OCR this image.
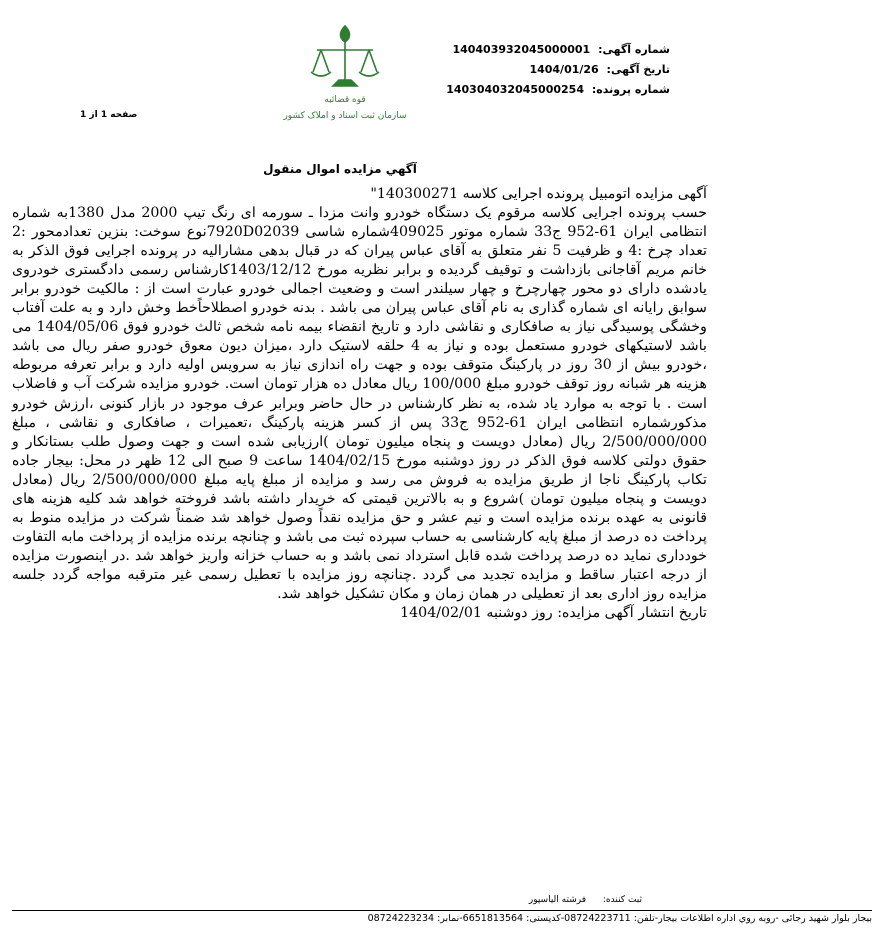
شماره آگهی: 140403932045000001
تاریخ آگهی: 1404/01/26
شماره پرونده: 140304032045000254
قوه قضائیه
سازمان ثبت اسناد و املاک کشور
صفحه 1 از 1
آگهي مزايده اموال منقول

آگهی مزایده اتومبیل پرونده اجرایی کلاسه 140300271"

حسب پرونده اجرایی کلاسه مرقوم یک دستگاه خودرو وانت مزدا ـ سورمه ای رنگ تیپ 2000 مدل 1380به شماره انتظامی ایران 61-952 ج33 شماره موتور 409025شماره شاسی 7920D02039نوع سوخت: بنزین تعدادمحور :2 تعداد چرخ :4 و ظرفیت 5 نفر متعلق به آقای عباس پیران که در قبال بدهی مشارالیه در پرونده اجرایی فوق الذکر به خانم مریم آقاجانی بازداشت و توقیف گردیده و برابر نظریه مورخ 1403/12/12کارشناس رسمی دادگستری خودروی یادشده دارای دو محور چهارچرخ و چهار سیلندر است و وضعیت اجمالی خودرو عبارت است از : مالکیت خودرو برابر سوابق رایانه ای شماره گذاری به نام آقای عباس پیران می باشد . بدنه خودرو اصطلاحاًخط وخش دارد و به علت آفتاب وخشگی پوسیدگی نیاز به صافکاری و نقاشی دارد و تاریخ انقضاء بیمه نامه شخص ثالث خودرو فوق 1404/05/06 می باشد لاستیکهای خودرو مستعمل بوده و نیاز به 4 حلقه لاستیک دارد ،میزان دیون معوق خودرو صفر ریال می باشد ،خودرو بیش از 30 روز در پارکینگ متوقف بوده و جهت راه اندازی نیاز به سرویس اولیه دارد و برابر تعرفه مربوطه هزینه هر شبانه روز توقف خودرو مبلغ 100/000 ریال معادل ده هزار تومان است. خودرو مزایده شرکت آب و فاضلاب است . با توجه به موارد یاد شده، به نظر کارشناس در حال حاضر وبرابر عرف موجود در بازار کنونی ،ارزش خودرو مذکورشماره انتظامی ایران 61-952 ج33 پس از کسر هزینه پارکینگ ،تعمیرات ، صافکاری و نقاشی ، مبلغ 2/500/000/000 ریال (معادل دویست و پنجاه میلیون تومان )ارزیابی شده است و جهت وصول طلب بستانکار و حقوق دولتی کلاسه فوق الذکر در روز دوشنبه مورخ 1404/02/15 ساعت 9 صبح الی 12 ظهر در محل: بیجار جاده تکاب پارکینگ ناجا از طریق مزایده به فروش می رسد و مزایده از مبلغ پایه مبلغ 2/500/000/000 ریال (معادل دویست و پنجاه میلیون تومان )شروع و به بالاترین قیمتی که خریدار داشته باشد فروخته خواهد شد کلیه هزینه های قانونی به عهده برنده مزایده است و نیم عشر و حق مزایده نقداً وصول خواهد شد ضمناً شرکت در مزایده منوط به پرداخت ده درصد از مبلغ پایه کارشناسی به حساب سپرده ثبت می باشد و چنانچه برنده مزایده از پرداخت مابه التفاوت خودداری نماید ده درصد پرداخت شده قابل استرداد نمی باشد و به حساب خزانه واریز خواهد شد .در اینصورت مزایده از درجه اعتبار ساقط و مزایده تجدید می گردد .چنانچه روز مزایده با تعطیل رسمی غیر مترقبه مواجه گردد جلسه مزایده روز اداری بعد از تعطیلی در همان زمان و مکان تشکیل خواهد شد.

تاریخ انتشار آگهی مزایده: روز دوشنبه 1404/02/01

ثبت کننده: فرشته الیاسپور
بیجار بلوار شهید رجائی -روبه روي اداره اطلاعات بیجار-تلفن: 08724223711-کدپستی: 6651813564-نمابر: 08724223234
